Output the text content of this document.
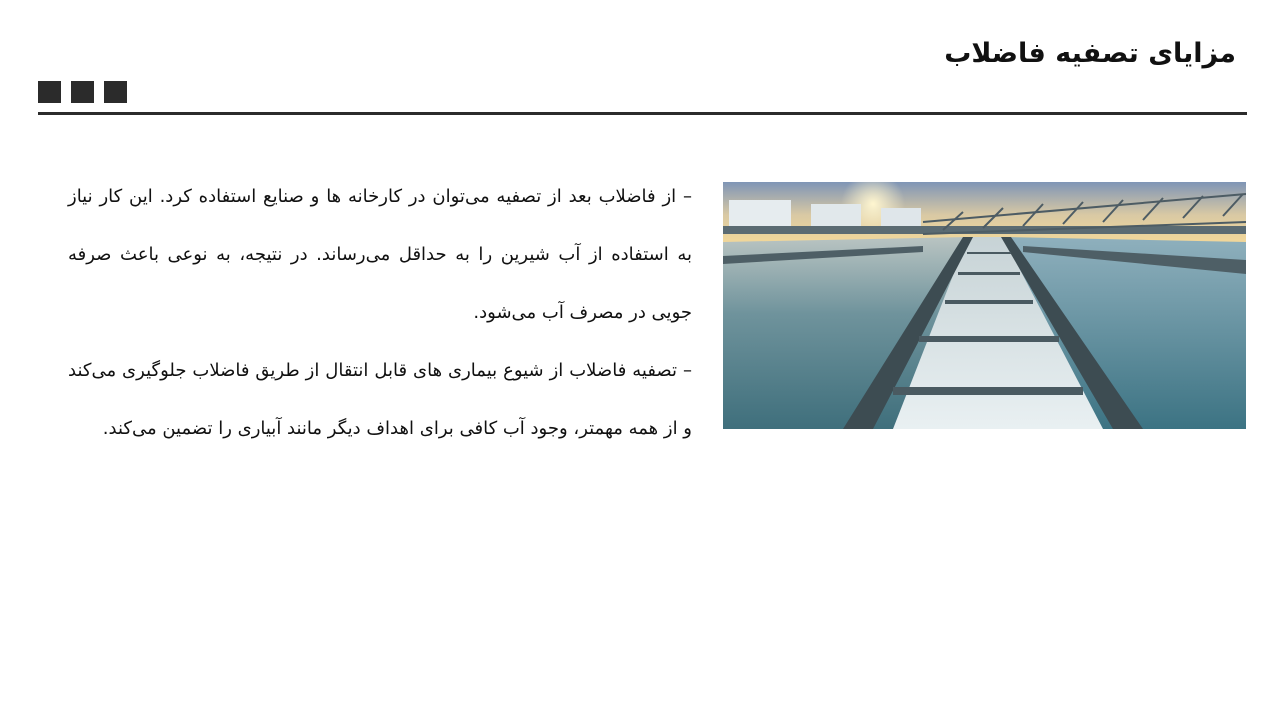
مزایای تصفیه فاضلاب

– از فاضلاب بعد از تصفیه می‌توان در کارخانه ها و صنایع استفاده کرد. این کار نیاز به استفاده از آب شیرین را به حداقل می‌رساند. در نتیجه، به نوعی باعث صرفه جویی در مصرف آب می‌شود.

– تصفیه فاضلاب از شیوع بیماری های قابل انتقال از طریق فاضلاب جلوگیری می‌کند و از همه مهمتر، وجود آب کافی برای اهداف دیگر مانند آبیاری را تضمین می‌کند.
